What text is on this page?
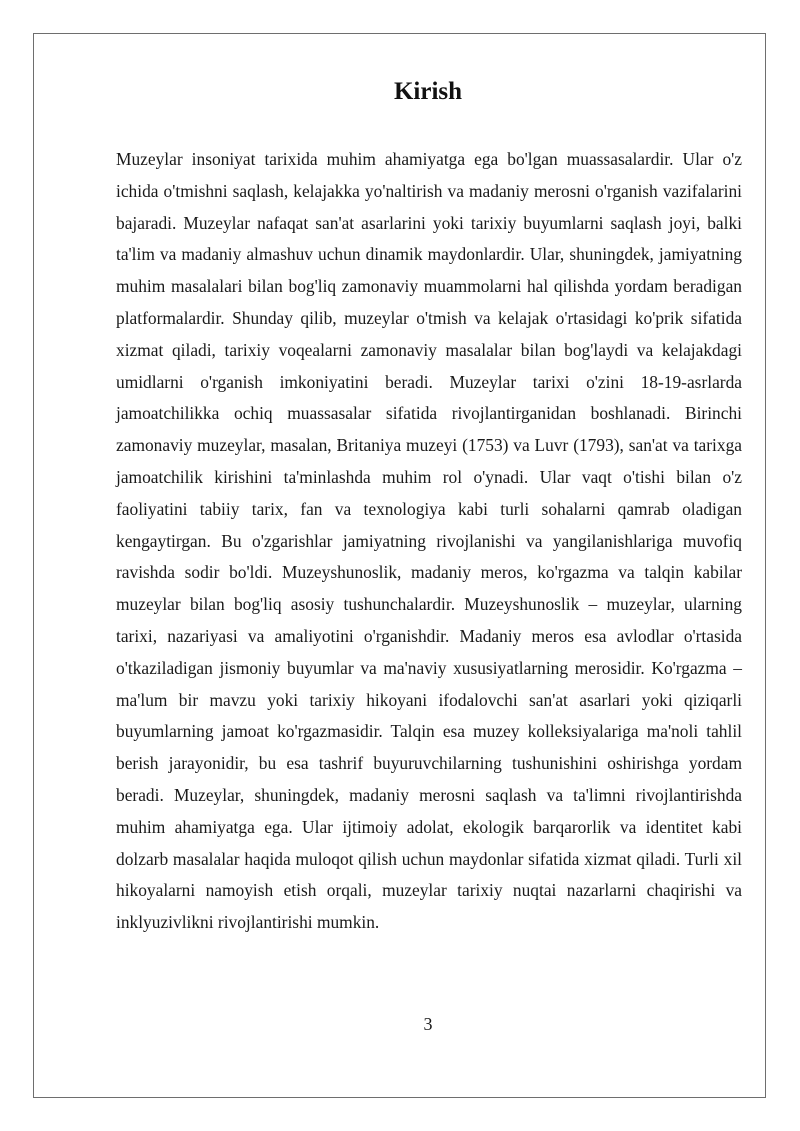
Kirish

Muzeylar insoniyat tarixida muhim ahamiyatga ega bo'lgan muassasalardir. Ular o'z ichida o'tmishni saqlash, kelajakka yo'naltirish va madaniy merosni o'rganish vazifalarini bajaradi. Muzeylar nafaqat san'at asarlarini yoki tarixiy buyumlarni saqlash joyi, balki ta'lim va madaniy almashuv uchun dinamik maydonlardir. Ular, shuningdek, jamiyatning muhim masalalari bilan bog'liq zamonaviy muammolarni hal qilishda yordam beradigan platformalardir. Shunday qilib, muzeylar o'tmish va kelajak o'rtasidagi ko'prik sifatida xizmat qiladi, tarixiy voqealarni zamonaviy masalalar bilan bog'laydi va kelajakdagi umidlarni o'rganish imkoniyatini beradi. Muzeylar tarixi o'zini 18-19-asrlarda jamoatchilikka ochiq muassasalar sifatida rivojlantirganidan boshlanadi. Birinchi zamonaviy muzeylar, masalan, Britaniya muzeyi (1753) va Luvr (1793), san'at va tarixga jamoatchilik kirishini ta'minlashda muhim rol o'ynadi. Ular vaqt o'tishi bilan o'z faoliyatini tabiiy tarix, fan va texnologiya kabi turli sohalarni qamrab oladigan kengaytirgan. Bu o'zgarishlar jamiyatning rivojlanishi va yangilanishlariga muvofiq ravishda sodir bo'ldi. Muzeyshunoslik, madaniy meros, ko'rgazma va talqin kabilar muzeylar bilan bog'liq asosiy tushunchalardir. Muzeyshunoslik – muzeylar, ularning tarixi, nazariyasi va amaliyotini o'rganishdir. Madaniy meros esa avlodlar o'rtasida o'tkaziladigan jismoniy buyumlar va ma'naviy xususiyatlarning merosidir. Ko'rgazma – ma'lum bir mavzu yoki tarixiy hikoyani ifodalovchi san'at asarlari yoki qiziqarli buyumlarning jamoat ko'rgazmasidir. Talqin esa muzey kolleksiyalariga ma'noli tahlil berish jarayonidir, bu esa tashrif buyuruvchilarning tushunishini oshirishga yordam beradi. Muzeylar, shuningdek, madaniy merosni saqlash va ta'limni rivojlantirishda muhim ahamiyatga ega. Ular ijtimoiy adolat, ekologik barqarorlik va identitet kabi dolzarb masalalar haqida muloqot qilish uchun maydonlar sifatida xizmat qiladi. Turli xil hikoyalarni namoyish etish orqali, muzeylar tarixiy nuqtai nazarlarni chaqirishi va inklyuzivlikni rivojlantirishi mumkin.

3
